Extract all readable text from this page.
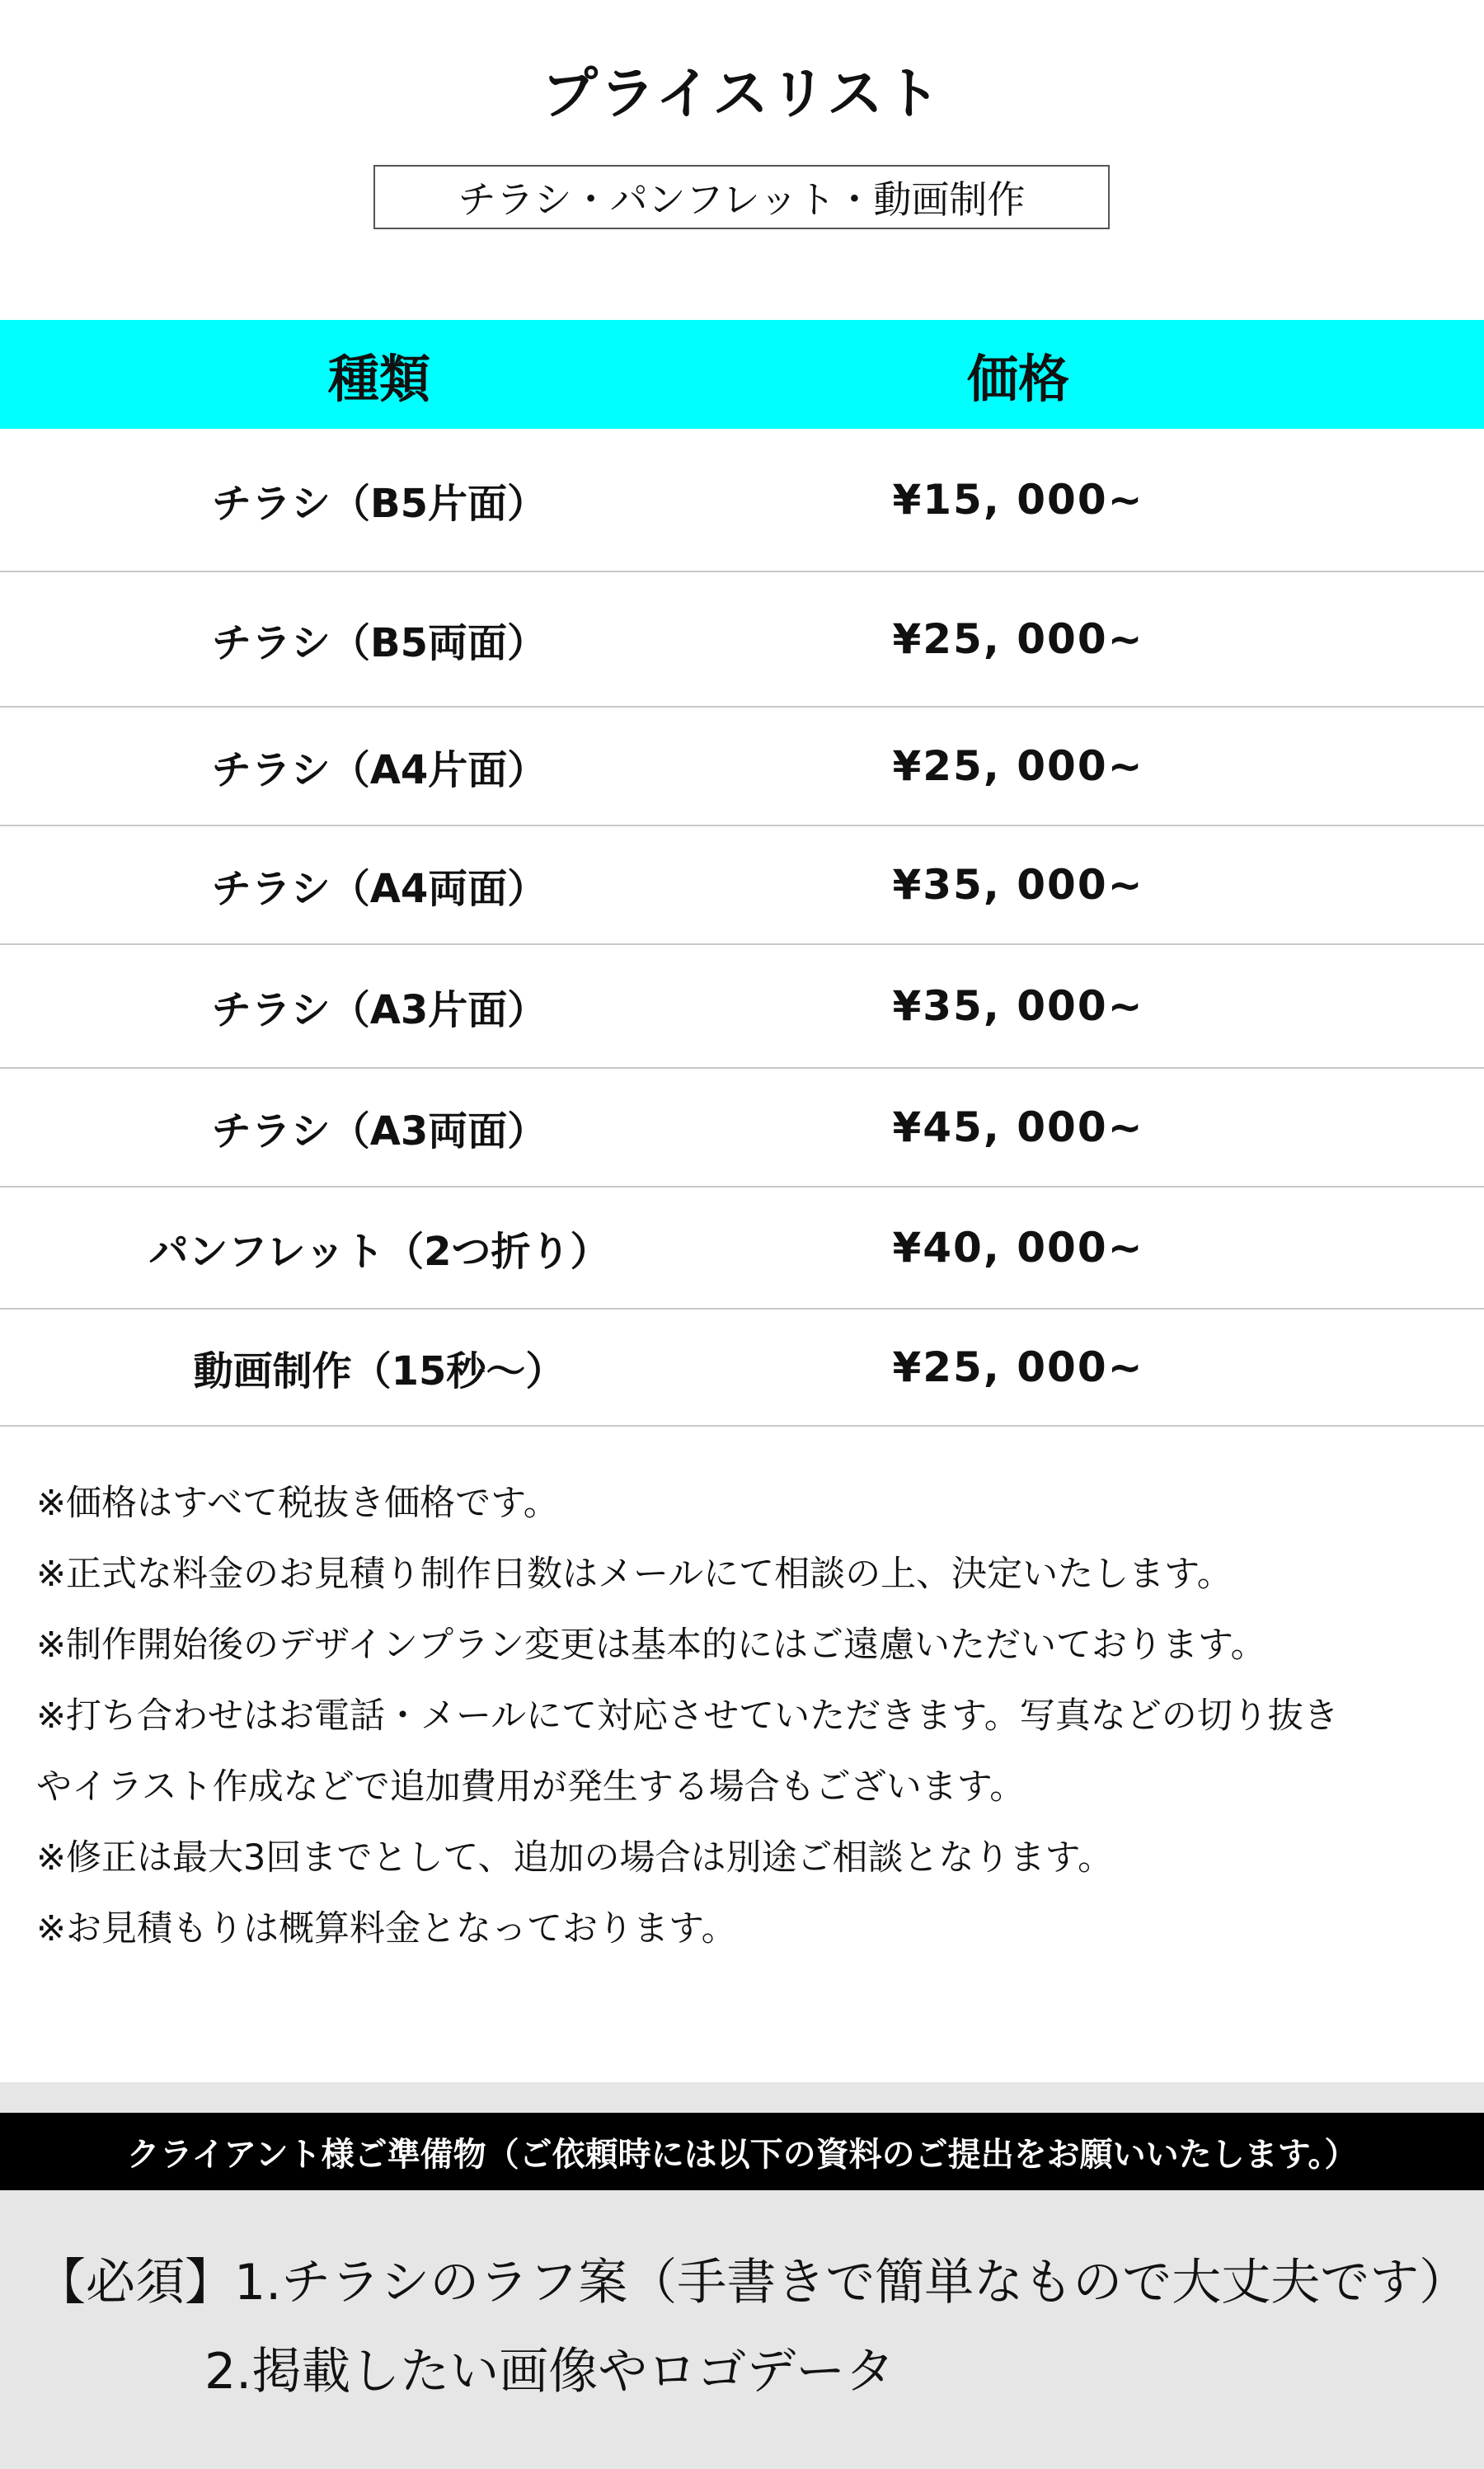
プライスリスト
チラシ・パンフレット・動画制作
種類	価格
チラシ（B5片面）	¥15, 000~
チラシ（B5両面）	¥25, 000~
チラシ（A4片面）	¥25, 000~
チラシ（A4両面）	¥35, 000~
チラシ（A3片面）	¥35, 000~
チラシ（A3両面）	¥45, 000~
パンフレット（2つ折り）	¥40, 000~
動画制作（15秒～）	¥25, 000~
※価格はすべて税抜き価格です。
※正式な料金のお見積り制作日数はメールにて相談の上、決定いたします。
※制作開始後のデザインプラン変更は基本的にはご遠慮いただいております。
※打ち合わせはお電話・メールにて対応させていただきます。写真などの切り抜き
やイラスト作成などで追加費用が発生する場合もございます。
※修正は最大3回までとして、追加の場合は別途ご相談となります。
※お見積もりは概算料金となっております。
クライアント様ご準備物（ご依頼時には以下の資料のご提出をお願いいたします。）
【必須】1.チラシのラフ案（手書きで簡単なもので大丈夫です）
2.掲載したい画像やロゴデータ
